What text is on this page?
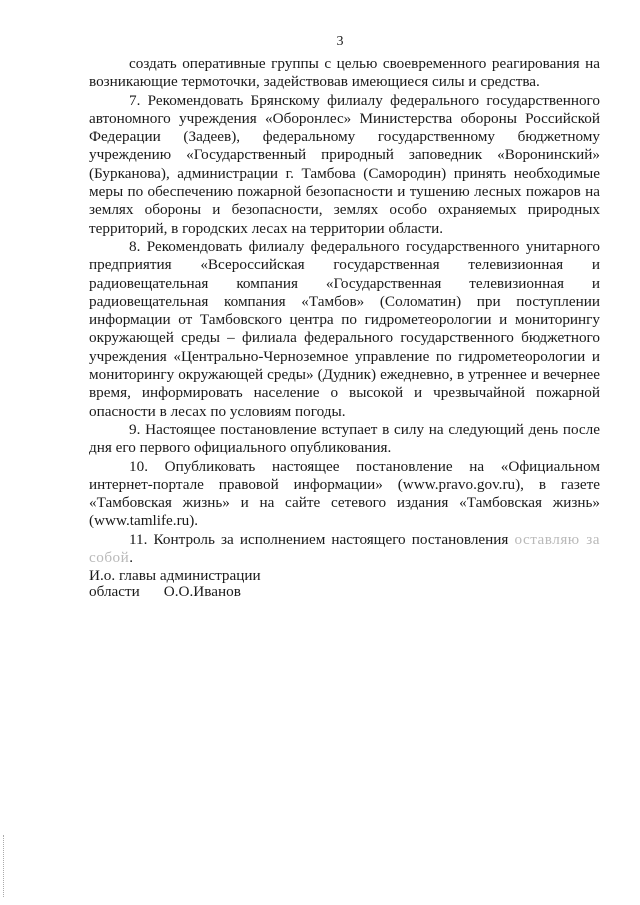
3

создать оперативные группы с целью своевременного реагирования на возникающие термоточки, задействовав имеющиеся силы и средства.

7. Рекомендовать Брянскому филиалу федерального государственного автономного учреждения «Оборонлес» Министерства обороны Российской Федерации (Задеев), федеральному государственному бюджетному учреждению «Государственный природный заповедник «Воронинский» (Бурканова), администрации г. Тамбова (Самородин) принять необходимые меры по обеспечению пожарной безопасности и тушению лесных пожаров на землях обороны и безопасности, землях особо охраняемых природных территорий, в городских лесах на территории области.

8. Рекомендовать филиалу федерального государственного унитарного предприятия «Всероссийская государственная телевизионная и радиовещательная компания «Государственная телевизионная и радиовещательная компания «Тамбов» (Соломатин) при поступлении информации от Тамбовского центра по гидрометеорологии и мониторингу окружающей среды – филиала федерального государственного бюджетного учреждения «Центрально-Черноземное управление по гидрометеорологии и мониторингу окружающей среды» (Дудник) ежедневно, в утреннее и вечернее время, информировать население о высокой и чрезвычайной пожарной опасности в лесах по условиям погоды.

9. Настоящее постановление вступает в силу на следующий день после дня его первого официального опубликования.

10. Опубликовать настоящее постановление на «Официальном интернет-портале правовой информации» (www.pravo.gov.ru), в газете «Тамбовская жизнь» и на сайте сетевого издания «Тамбовская жизнь» (www.tamlife.ru).

11. Контроль за исполнением настоящего постановления оставляю за собой.

И.о. главы администрации
области О.О.Иванов
